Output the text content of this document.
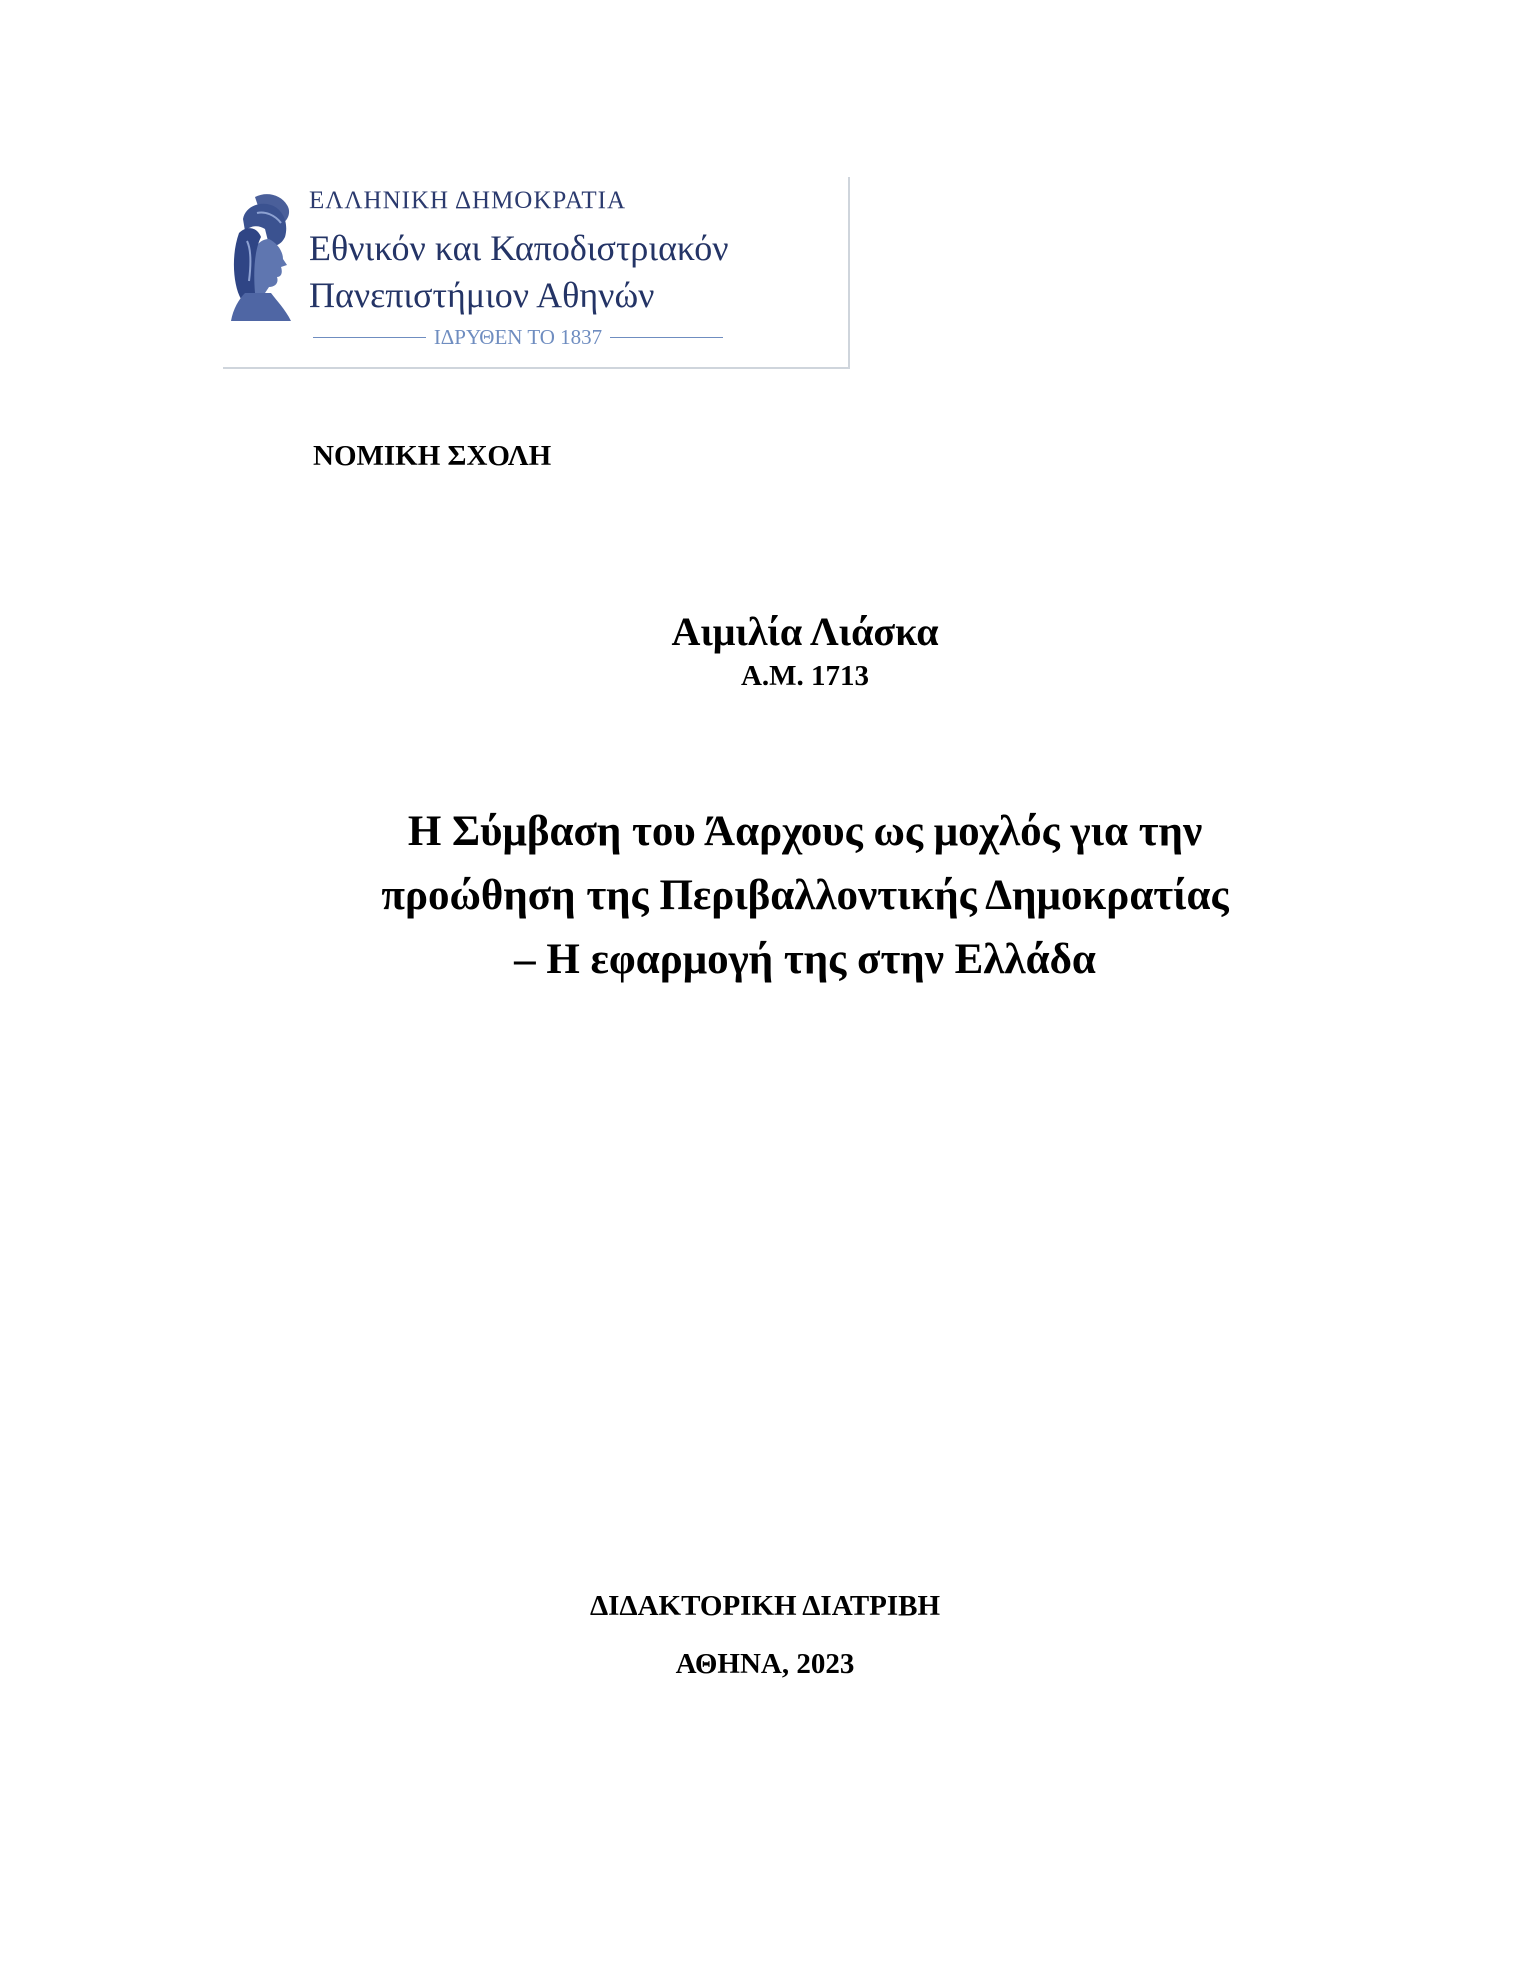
ΕΛΛΗΝΙΚΗ ΔΗΜΟΚΡΑΤΙΑ
Εθνικόν και Καποδιστριακόν
Πανεπιστήμιον Αθηνών
ΙΔΡΥΘΕΝ ΤΟ 1837
ΝΟΜΙΚΗ ΣΧΟΛΗ
Αιμιλία Λιάσκα
Α.Μ. 1713
Η Σύμβαση του Άαρχους ως μοχλός για την
προώθηση της Περιβαλλοντικής Δημοκρατίας
– Η εφαρμογή της στην Ελλάδα
ΔΙΔΑΚΤΟΡΙΚΗ ΔΙΑΤΡΙΒΗ
ΑΘΗΝΑ, 2023
